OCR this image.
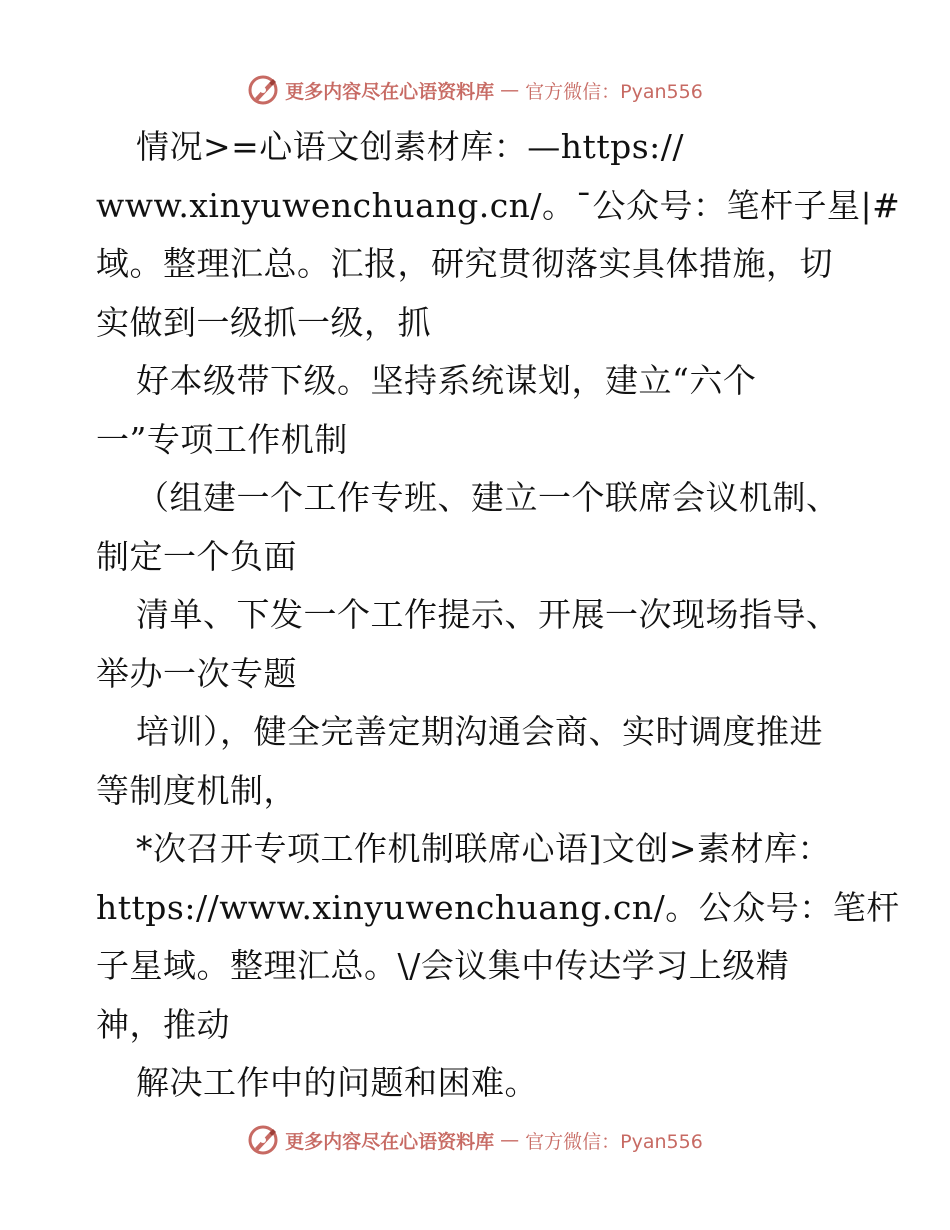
更多内容尽在心语资料库 — 官方微信：Pyan556
情况>=心语文创素材库：—https://
www.xinyuwenchuang.cn/。¯公众号：笔杆子星|#
域。整理汇总。汇报，研究贯彻落实具体措施，切
实做到一级抓一级，抓
好本级带下级。坚持系统谋划，建立“六个
一”专项工作机制
（组建一个工作专班、建立一个联席会议机制、
制定一个负面
清单、下发一个工作提示、开展一次现场指导、
举办一次专题
培训），健全完善定期沟通会商、实时调度推进
等制度机制，
*次召开专项工作机制联席心语]文创>素材库：
https://www.xinyuwenchuang.cn/。公众号：笔杆
子星域。整理汇总。\/会议集中传达学习上级精
神，推动
解决工作中的问题和困难。
更多内容尽在心语资料库 — 官方微信：Pyan556
